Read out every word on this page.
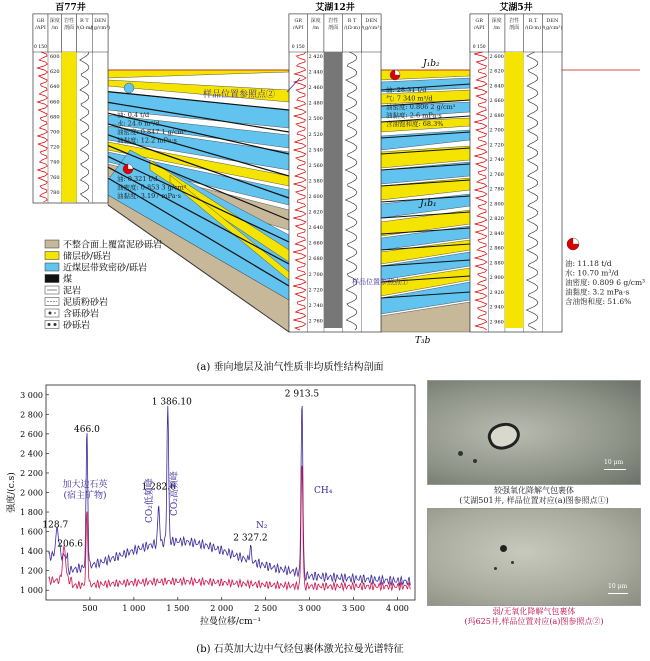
百77井
GR
/API
深度
/m
岩性
剖面
R T
/(Ω·m)
DEN
/(g/cm³)
0 150
600
620
640
660
680
700
720
740
760
780
艾湖12井
GR
/API
深度
/m
岩性
剖面
R T
/(Ω·m)
DEN
/(g/cm³)
0 150
2 420
2 440
2 460
2 480
2 500
2 520
2 540
2 560
2 580
2 600
2 620
2 640
2 660
2 680
2 700
2 720
2 740
2 760
艾湖5井
GR
/API
深度
/m
岩性
剖面
R T
/(Ω·m)
DEN
/(g/cm³)
0 150
2 600
2 620
2 640
2 660
2 680
2 700
2 720
2 740
2 760
2 780
2 800
2 820
2 840
2 860
2 880
2 900
2 920
2 940
2 960
J₁b₂
J₁b₁
T₃b
油: 0.4 t/d
水: 24.6 m³/d
油密度: 0.847 1 g/cm³
油黏度: 12.2 mPa·s
油: 0.321 t/d
油密度: 0.853 3 g/cm³
油黏度: 3.197 mPa·s
油: 28.31 t/d
气: 7 340 m³/d
油密度: 0.806 2 g/cm³
油黏度: 2.6 mPa·s
含油饱和度: 68.3%
油: 11.18 t/d
水: 10.70 m³/d
油密度: 0.809 6 g/cm³
油黏度: 3.2 mPa·s
含油饱和度: 51.6%
样品位置参照点②
样品位置参照点①
不整合面上覆富泥砂砾岩
储层砂/砾岩
近煤层带致密砂/砾岩
煤
泥岩
泥质粉砂岩
含砾砂岩
砂砾岩
1 000
1 200
1 400
1 600
1 800
2 000
2 200
2 400
2 600
2 800
3 000
500	1 000	1 500	2 000	2 500	3 000	3 500	4 000
拉曼位移/cm⁻¹
强度/(c.s)
128.7
206.6
466.0
1 282.6
1 386.10
2 327.2
2 913.5
加大边石英
(宿主矿物)	CO₂低频峰 CO₂高频峰
N₂
CH₄
(a) 垂向地层及油气性质非均质性结构剖面
(b) 石英加大边中气烃包裹体激光拉曼光谱特征
10 μm
较强氧化降解气包裹体
(艾湖501井, 样品位置对应(a)图参照点①)
10 μm
弱/无氧化降解气包裹体
(玛625井,样品位置对应(a)图参照点②)
